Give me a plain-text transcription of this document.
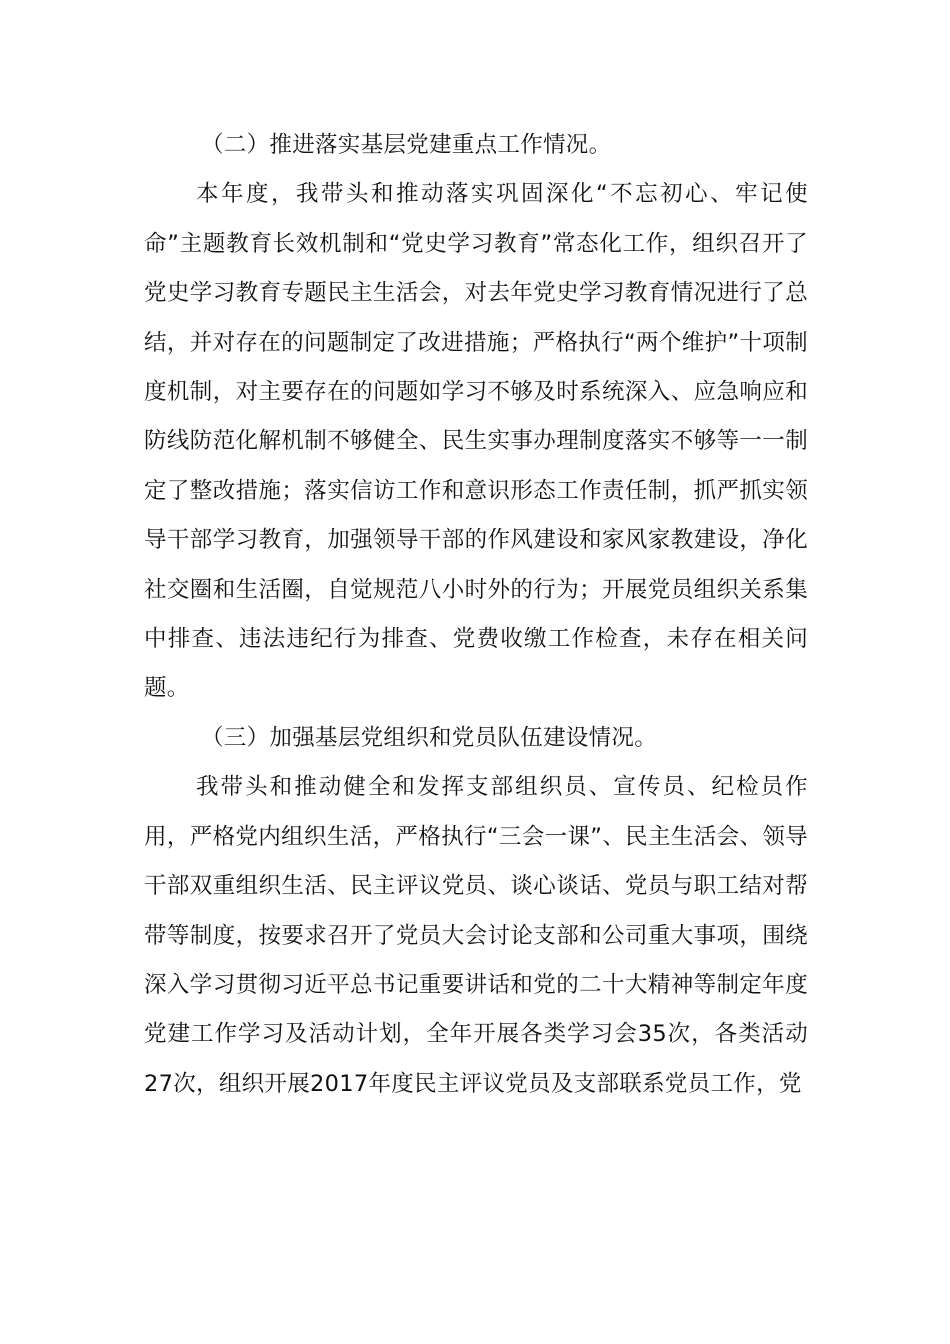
（二）推进落实基层党建重点工作情况。

本年度，我带头和推动落实巩固深化“不忘初心、牢记使命”主题教育长效机制和“党史学习教育”常态化工作，组织召开了党史学习教育专题民主生活会，对去年党史学习教育情况进行了总结，并对存在的问题制定了改进措施；严格执行“两个维护”十项制度机制，对主要存在的问题如学习不够及时系统深入、应急响应和防线防范化解机制不够健全、民生实事办理制度落实不够等一一制定了整改措施；落实信访工作和意识形态工作责任制，抓严抓实领导干部学习教育，加强领导干部的作风建设和家风家教建设，净化社交圈和生活圈，自觉规范八小时外的行为；开展党员组织关系集中排查、违法违纪行为排查、党费收缴工作检查，未存在相关问题。

（三）加强基层党组织和党员队伍建设情况。

我带头和推动健全和发挥支部组织员、宣传员、纪检员作用，严格党内组织生活，严格执行“三会一课”、民主生活会、领导干部双重组织生活、民主评议党员、谈心谈话、党员与职工结对帮带等制度，按要求召开了党员大会讨论支部和公司重大事项，围绕深入学习贯彻习近平总书记重要讲话和党的二十大精神等制定年度党建工作学习及活动计划，全年开展各类学习会35次，各类活动27次，组织开展2017年度民主评议党员及支部联系党员工作，党
